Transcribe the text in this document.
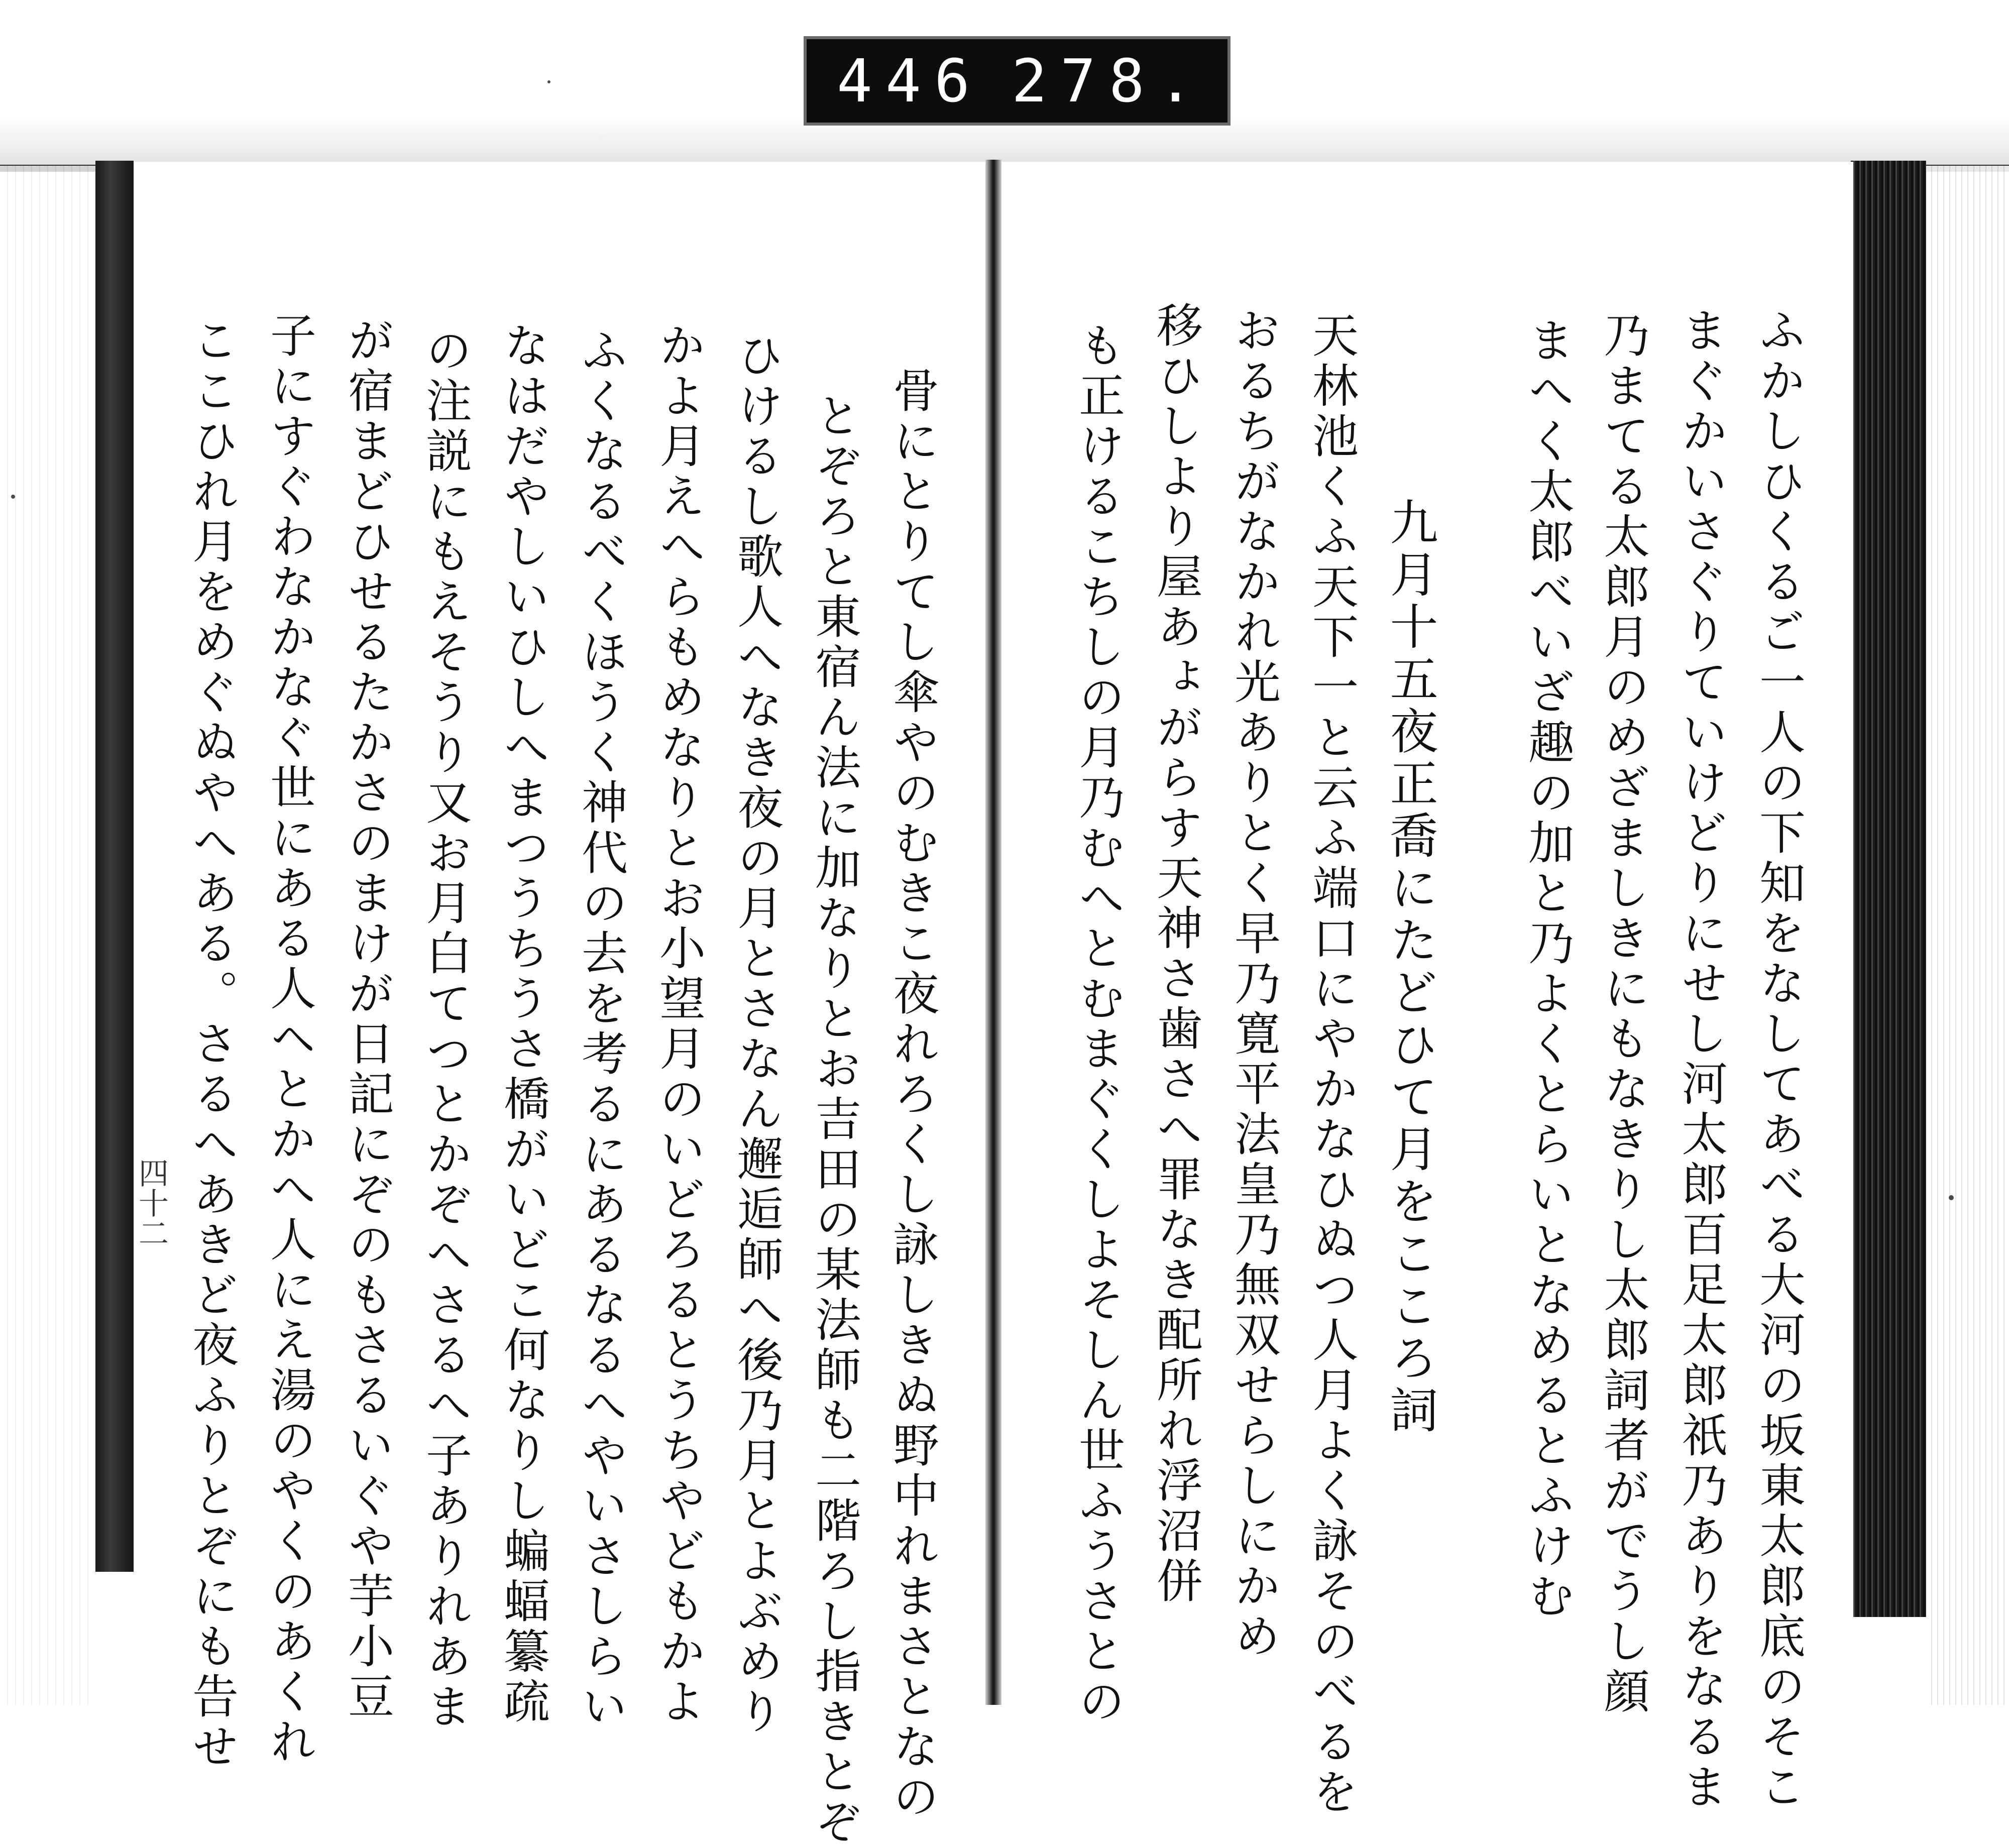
446 278.
ふかしひくるご一人の下知をなしてあべる大河の坂東太郎底のそこ
まぐかいさぐりていけどりにせし河太郎百足太郎祇乃ありをなるま
乃まてる太郎月のめざましきにもなきりし太郎詞者がでうし顔
まへく太郎べいざ趣の加と乃よくとらいとなめるとふけむ
九月十五夜正喬にたどひて月をこころ詞
天林池くふ天下一と云ふ端口にやかなひぬつ人月よく詠そのべるを
おるちがなかれ光ありとく早乃寛平法皇乃無双せらしにかめ
移ひしより屋あょがらす天神さ歯さへ罪なき配所れ浮沼併
も正けるこちしの月乃むへとむまぐくしよそしん世ふうさとの
骨にとりてし傘やのむきこ夜れろくし詠しきぬ野中れまさとなの
とぞろと東宿ん法に加なりとお吉田の某法師も二階ろし指きとぞ
ひけるし歌人へなき夜の月とさなん邂逅師へ後乃月とよぶめり
かよ月えへらもめなりとお小望月のいどろるとうちやどもかよ
ふくなるべくほうく神代の去を考るにあるなるへやいさしらい
なはだやしいひしへまつうちうさ橋がいどこ何なりし蝙蝠纂疏
の注説にもえそうり又お月白てつとかぞへさるへ子ありれあま
が宿まどひせるたかさのまけが日記にぞのもさるいぐや芋小豆
子にすぐわなかなぐ世にある人ヘとかへ人にえ湯のやくのあくれ
ここひれ月をめぐぬやへある。さるへあきど夜ふりとぞにも告せ
四十二
